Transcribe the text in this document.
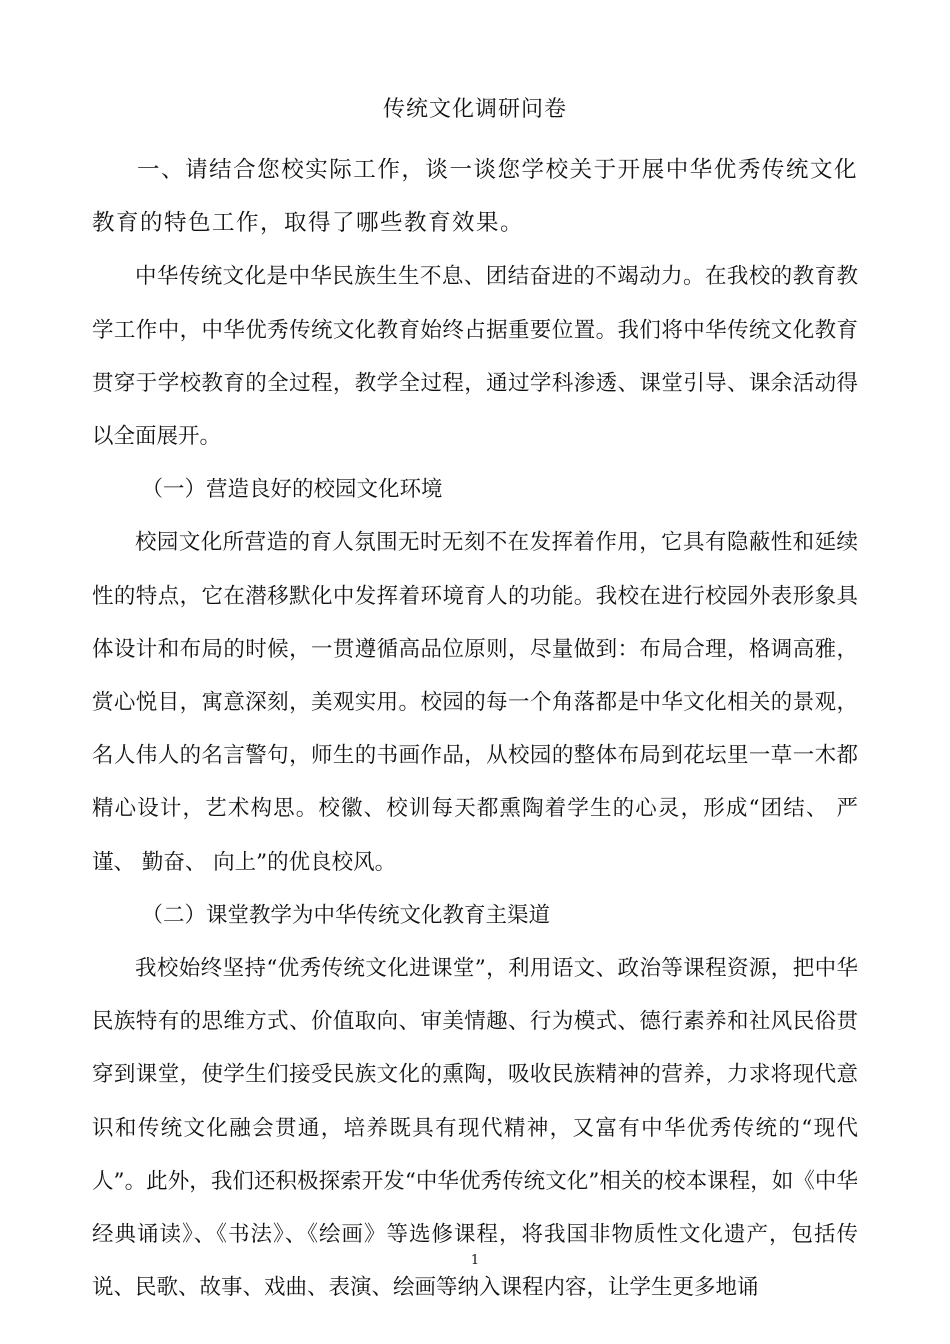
传统文化调研问卷

一、请结合您校实际工作，谈一谈您学校关于开展中华优秀传统文化教育的特色工作，取得了哪些教育效果。

中华传统文化是中华民族生生不息、团结奋进的不竭动力。在我校的教育教学工作中，中华优秀传统文化教育始终占据重要位置。我们将中华传统文化教育贯穿于学校教育的全过程，教学全过程，通过学科渗透、课堂引导、课余活动得以全面展开。

（一）营造良好的校园文化环境

校园文化所营造的育人氛围无时无刻不在发挥着作用，它具有隐蔽性和延续性的特点，它在潜移默化中发挥着环境育人的功能。我校在进行校园外表形象具体设计和布局的时候，一贯遵循高品位原则，尽量做到：布局合理，格调高雅，赏心悦目，寓意深刻，美观实用。校园的每一个角落都是中华文化相关的景观，名人伟人的名言警句，师生的书画作品，从校园的整体布局到花坛里一草一木都精心设计，艺术构思。校徽、校训每天都熏陶着学生的心灵，形成“团结、 严谨、 勤奋、 向上”的优良校风。

（二）课堂教学为中华传统文化教育主渠道

我校始终坚持“优秀传统文化进课堂”，利用语文、政治等课程资源，把中华民族特有的思维方式、价值取向、审美情趣、行为模式、德行素养和社风民俗贯穿到课堂，使学生们接受民族文化的熏陶，吸收民族精神的营养，力求将现代意识和传统文化融会贯通，培养既具有现代精神，又富有中华优秀传统的“现代人”。此外，我们还积极探索开发“中华优秀传统文化”相关的校本课程，如《中华经典诵读》、《书法》、《绘画》等选修课程，将我国非物质性文化遗产，包括传说、民歌、故事、戏曲、表演、绘画等纳入课程内容，让学生更多地诵

1
